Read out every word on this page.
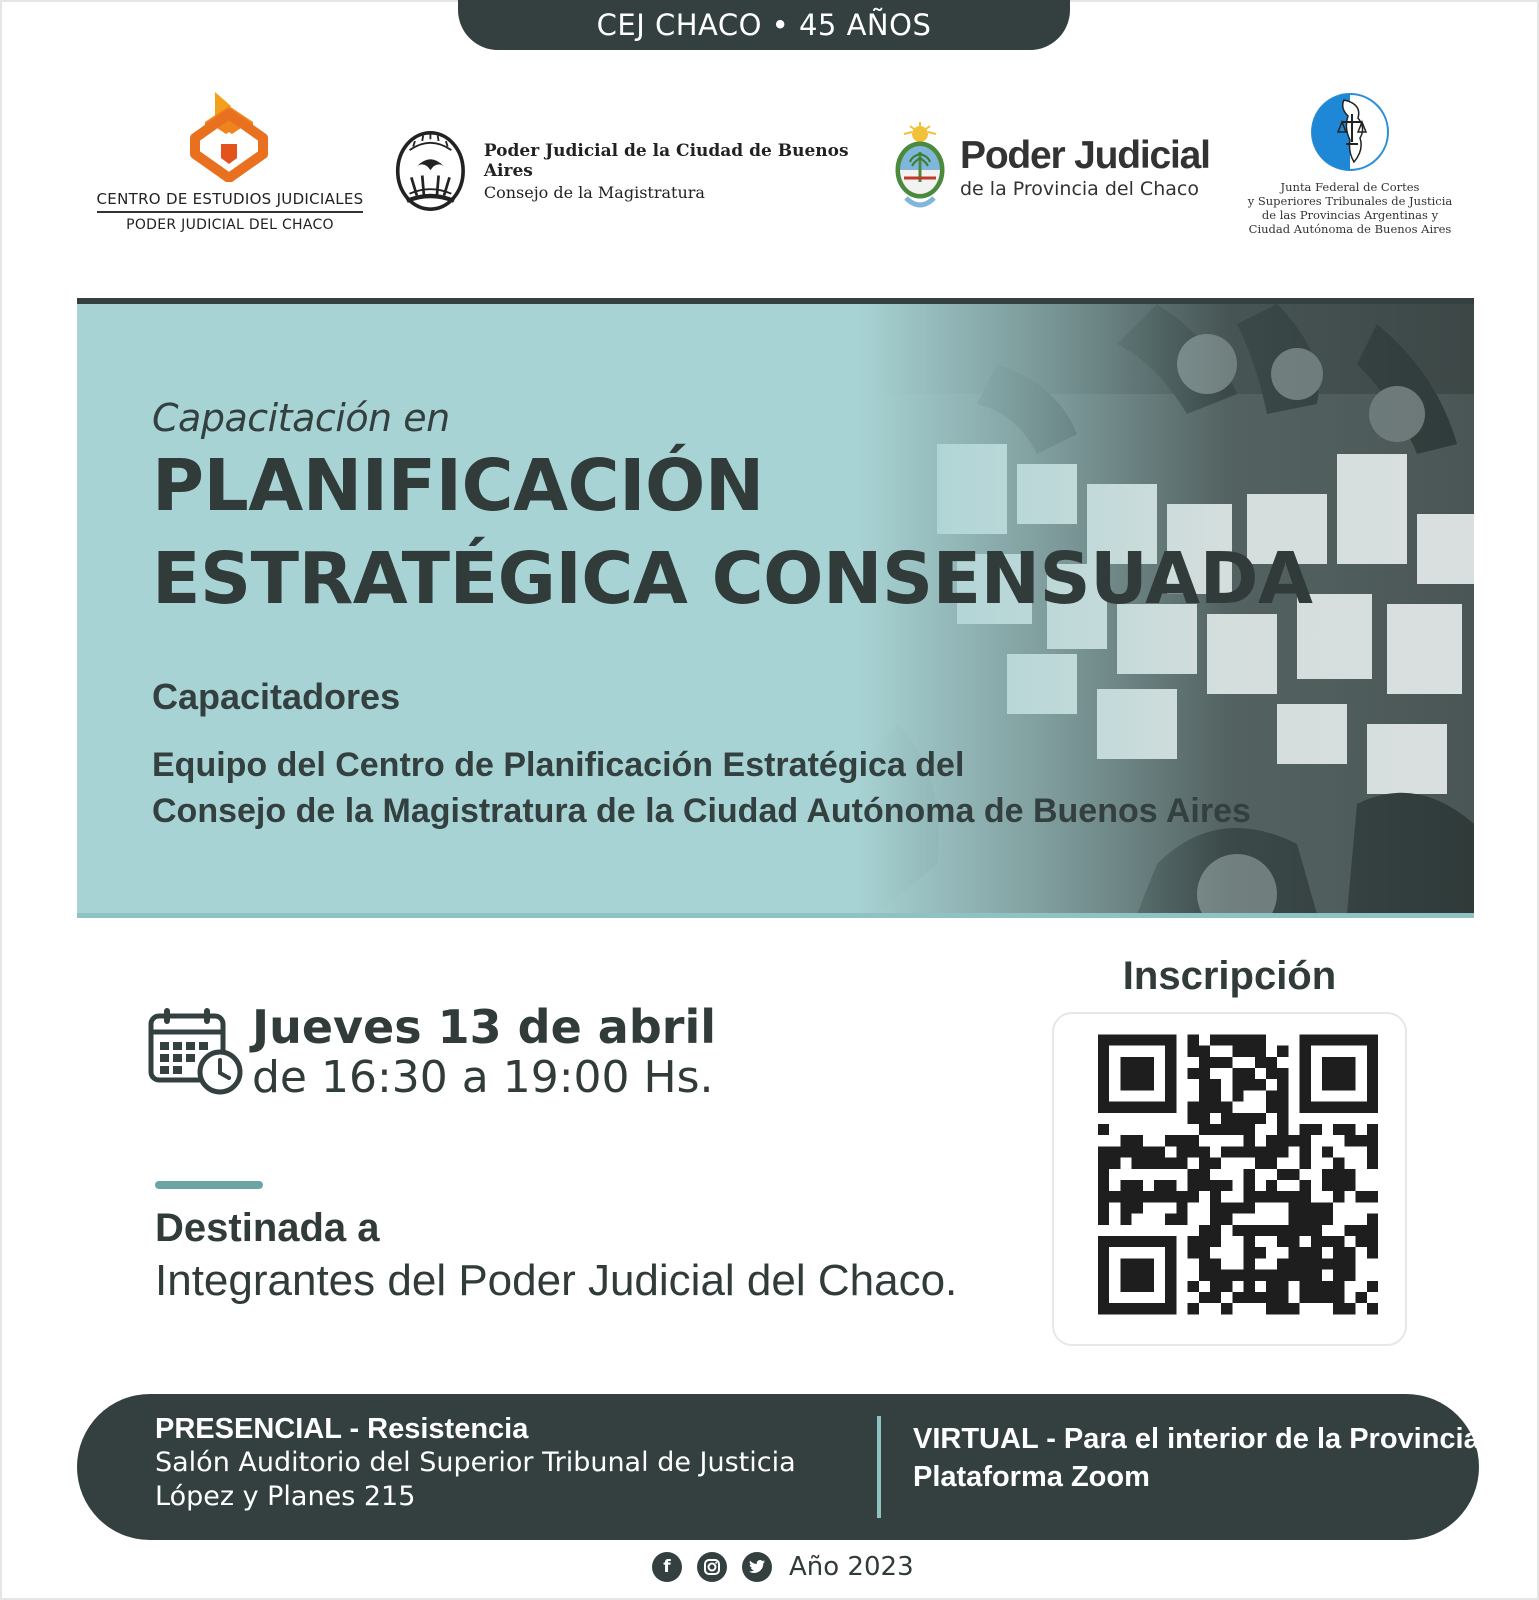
CEJ CHACO • 45 AÑOS
CENTRO DE ESTUDIOS JUDICIALES
PODER JUDICIAL DEL CHACO
Poder Judicial de la Ciudad de Buenos Aires
Consejo de la Magistratura
Poder Judicial
de la Provincia del Chaco	Junta Federal de Cortes
y Superiores Tribunales de Justicia
de las Provincias Argentinas y
Ciudad Autónoma de Buenos Aires
Capacitación en
PLANIFICACIÓN
ESTRATÉGICA CONSENSUADA
Capacitadores
Equipo del Centro de Planificación Estratégica del
Consejo de la Magistratura de la Ciudad Autónoma de Buenos Aires
Jueves 13 de abril
de 16:30 a 19:00 Hs.
Destinada a
Integrantes del Poder Judicial del Chaco.
Inscripción
PRESENCIAL - Resistencia
Salón Auditorio del Superior Tribunal de Justicia
López y Planes 215
VIRTUAL - Para el interior de la Provincia
Plataforma Zoom
f	Año 2023
